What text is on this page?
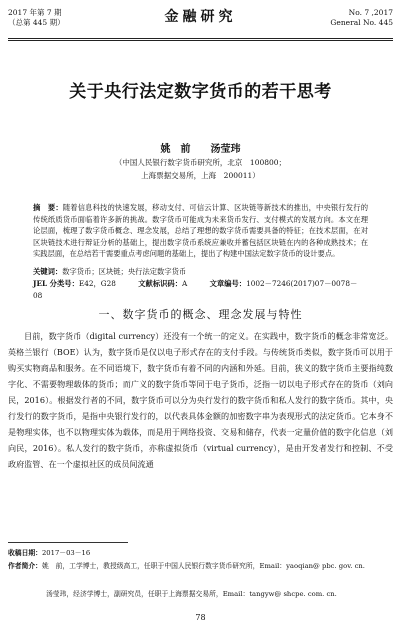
2017 年第 7 期
（总第 445 期）	金融研究	No. 7 ,2017
General No. 445
关于央行法定数字货币的若干思考
姚　前　　汤莹玮
（中国人民银行数字货币研究所，北京　100800；
上海票据交易所，上海　200011）
摘　要：随着信息科技的快速发展，移动支付、可信云计算、区块链等新技术的推出，中央银行发行的传统纸质货币面临着许多新的挑战。数字货币可能成为未来货币发行、支付模式的发展方向。本文在理论层面，梳理了数字货币概念、理念发展，总结了理想的数字货币需要具备的特征；在技术层面，在对区块链技术进行辩证分析的基础上，提出数字货币系统应兼收并蓄包括区块链在内的各种成熟技术；在实践层面，在总结若干需要重点考虑问题的基础上，提出了构建中国法定数字货币的设计要点。
关键词：数字货币；区块链；央行法定数字货币
JEL 分类号：E42，G28	文献标识码：A	文章编号：1002－7246(2017)07－0078－08
一、数字货币的概念、理念发展与特性
目前，数字货币（digital currency）还没有一个统一的定义。在实践中，数字货币的概念非常宽泛。英格兰银行（BOE）认为，数字货币是仅以电子形式存在的支付手段。与传统货币类似，数字货币可以用于购买实物商品和服务。在不同语境下，数字货币有着不同的内涵和外延。目前，狭义的数字货币主要指纯数字化、不需要物理载体的货币；而广义的数字货币等同于电子货币，泛指一切以电子形式存在的货币（刘向民，2016）。根据发行者的不同，数字货币可以分为央行发行的数字货币和私人发行的数字货币。其中，央行发行的数字货币，是指中央银行发行的，以代表具体金额的加密数字串为表现形式的法定货币。它本身不是物理实体，也不以物理实体为载体，而是用于网络投资、交易和储存，代表一定量价值的数字化信息（刘向民，2016）。私人发行的数字货币，亦称虚拟货币（virtual currency），是由开发者发行和控制、不受政府监管、在一个虚拟社区的成员间流通
收稿日期：2017－03－16
作者简介：姚　前，工学博士，教授级高工，任职于中国人民银行数字货币研究所，Email：yaoqian@ pbc. gov. cn.
汤莹玮，经济学博士，副研究员，任职于上海票据交易所，Email：tangyw@ shcpe. com. cn.
78
